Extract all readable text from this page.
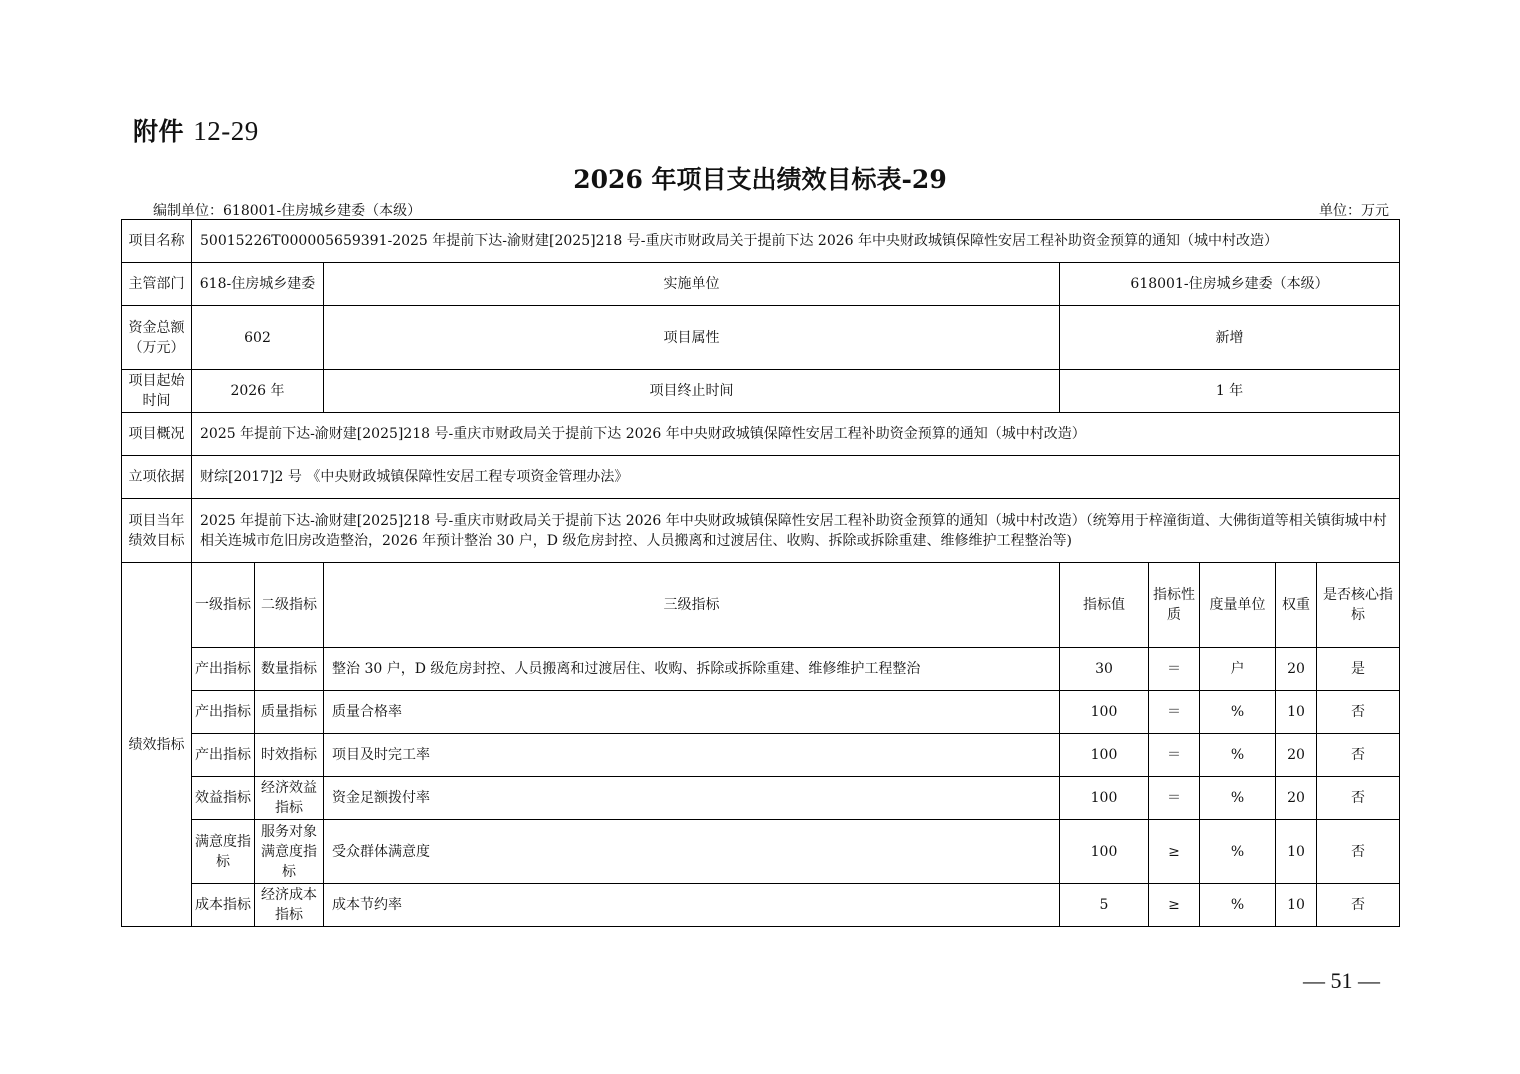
附件 12-29
2026 年项目支出绩效目标表-29
编制单位：618001-住房城乡建委（本级）	单位：万元
项目名称	50015226T000005659391-2025 年提前下达-渝财建[2025]218 号-重庆市财政局关于提前下达 2026 年中央财政城镇保障性安居工程补助资金预算的通知（城中村改造）							
主管部门	618-住房城乡建委		实施单位	618001-住房城乡建委（本级）				
资金总额（万元）	602		项目属性	新增				
项目起始时间	2026 年		项目终止时间	1 年				
项目概况	2025 年提前下达-渝财建[2025]218 号-重庆市财政局关于提前下达 2026 年中央财政城镇保障性安居工程补助资金预算的通知（城中村改造）							
立项依据	财综[2017]2 号 《中央财政城镇保障性安居工程专项资金管理办法》							
项目当年绩效目标	2025 年提前下达-渝财建[2025]218 号-重庆市财政局关于提前下达 2026 年中央财政城镇保障性安居工程补助资金预算的通知（城中村改造）（统筹用于梓潼街道、大佛街道等相关镇街城中村相关连城市危旧房改造整治，2026 年预计整治 30 户，D 级危房封控、人员搬离和过渡居住、收购、拆除或拆除重建、维修维护工程整治等)							
绩效指标	一级指标	二级指标	三级指标	指标值	指标性质	度量单位	权重	是否核心指标
	产出指标	数量指标	整治 30 户，D 级危房封控、人员搬离和过渡居住、收购、拆除或拆除重建、维修维护工程整治	30	＝	户	20	是
	产出指标	质量指标	质量合格率	100	＝	%	10	否
	产出指标	时效指标	项目及时完工率	100	＝	%	20	否
	效益指标	经济效益指标	资金足额拨付率	100	＝	%	20	否
	满意度指标	服务对象满意度指标	受众群体满意度	100	≥	%	10	否
	成本指标	经济成本指标	成本节约率	5	≥	%	10	否
— 51 —
